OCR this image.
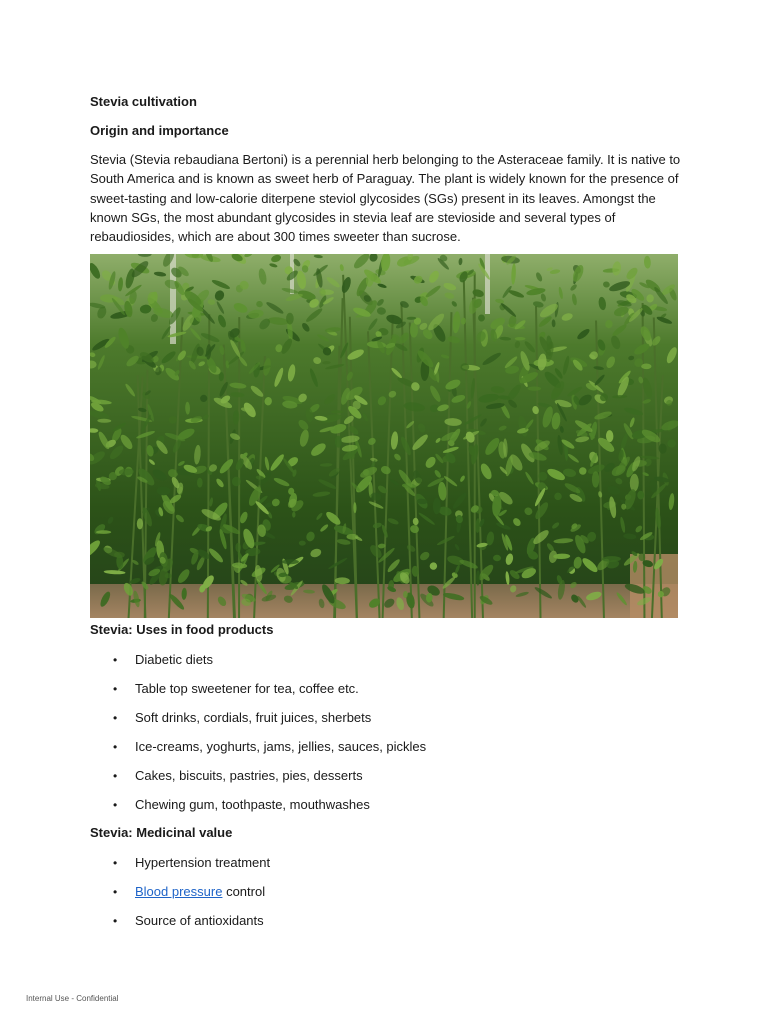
Stevia cultivation
Origin and importance
Stevia (Stevia rebaudiana Bertoni) is a perennial herb belonging to the Asteraceae family. It is native to South America and is known as sweet herb of Paraguay. The plant is widely known for the presence of sweet-tasting and low-calorie diterpene steviol glycosides (SGs) present in its leaves. Amongst the known SGs, the most abundant glycosides in stevia leaf are stevioside and several types of rebaudiosides, which are about 300 times sweeter than sucrose.
Stevia: Uses in food products
• Diabetic diets
• Table top sweetener for tea, coffee etc.
• Soft drinks, cordials, fruit juices, sherbets
• Ice-creams, yoghurts, jams, jellies, sauces, pickles
• Cakes, biscuits, pastries, pies, desserts
• Chewing gum, toothpaste, mouthwashes
Stevia: Medicinal value
• Hypertension treatment
• Blood pressure control
• Source of antioxidants
Internal Use - Confidential
